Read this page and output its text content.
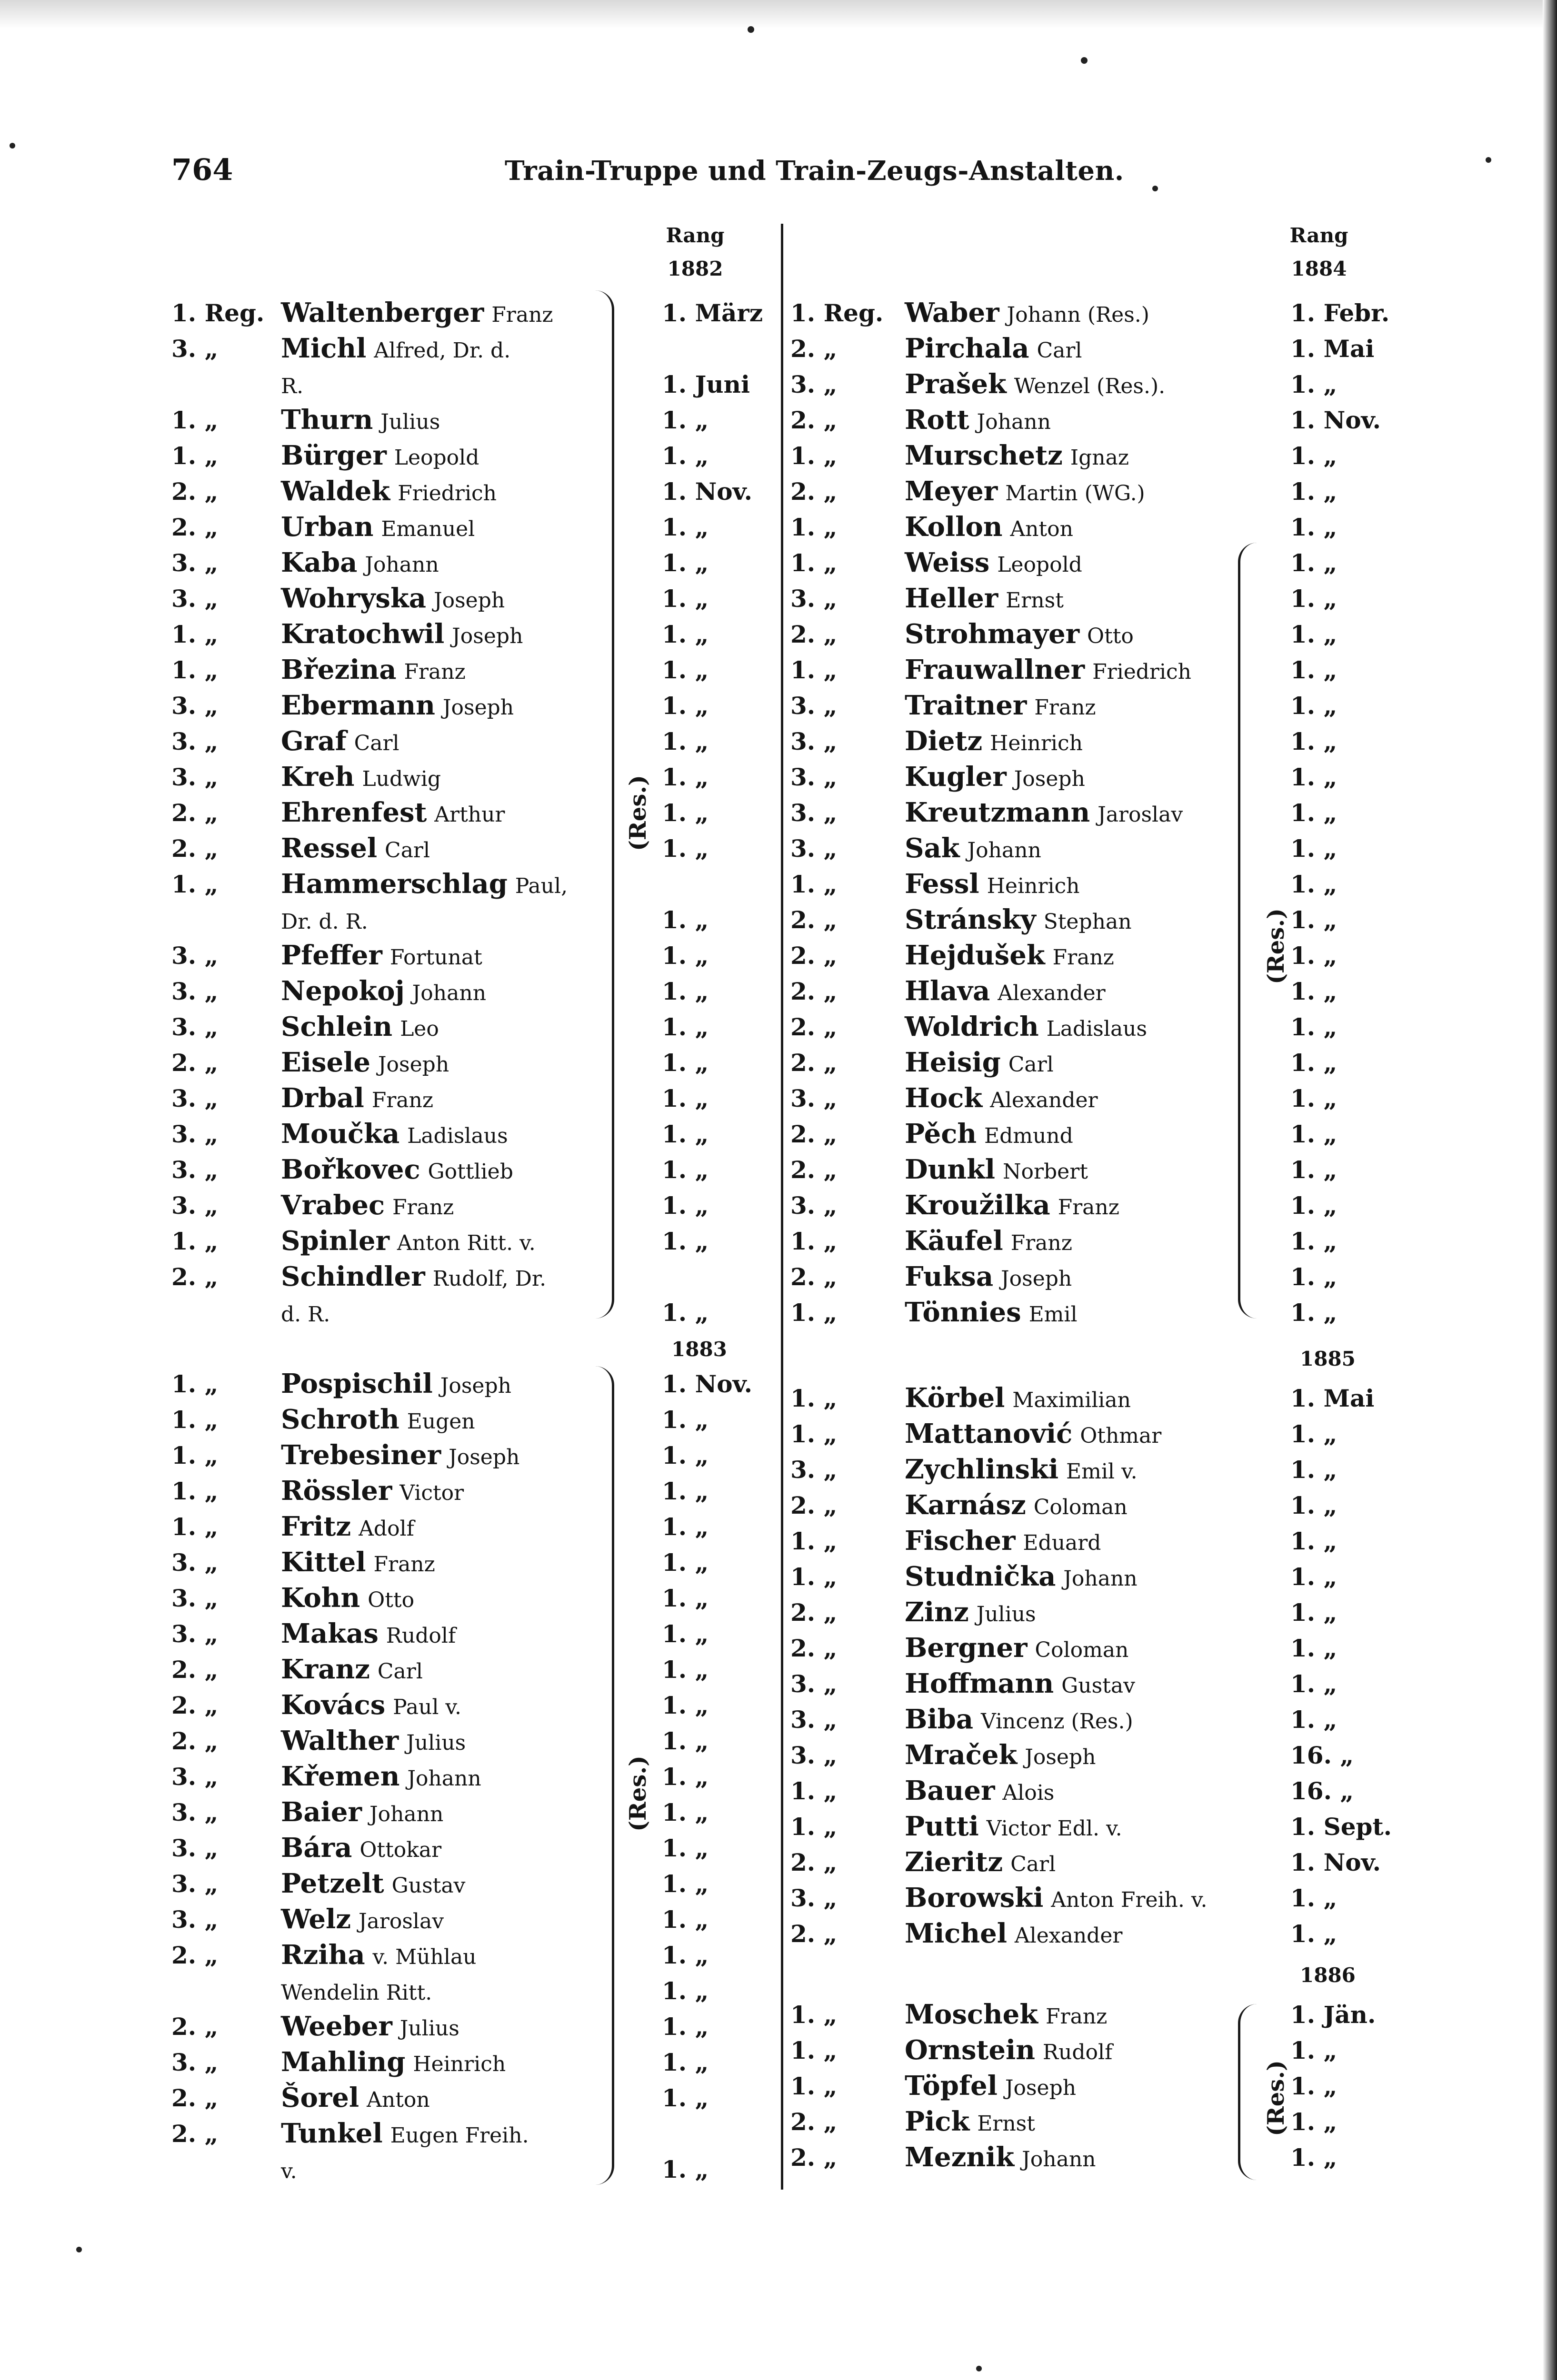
764	Train-Truppe und Train-Zeugs-Anstalten.
Rang
1882
1. Reg. Waltenberger Franz	1. März
3. „ Michl Alfred, Dr. d.
R.	1. Juni
1. „ Thurn Julius	1. „
1. „ Bürger Leopold	1. „
2. „ Waldek Friedrich	1. Nov.
2. „ Urban Emanuel	1. „
3. „ Kaba Johann	1. „
3. „ Wohryska Joseph	1. „
1. „ Kratochwil Joseph	1. „
1. „ Březina Franz	1. „
3. „ Ebermann Joseph	1. „
3. „ Graf Carl	1. „
3. „ Kreh Ludwig	1. „
2. „ Ehrenfest Arthur	1. „
2. „ Ressel Carl	1. „
1. „ Hammerschlag Paul,
Dr. d. R.	1. „
3. „ Pfeffer Fortunat	1. „
3. „ Nepokoj Johann	1. „
3. „ Schlein Leo	1. „
2. „ Eisele Joseph	1. „
3. „ Drbal Franz	1. „
3. „ Moučka Ladislaus	1. „
3. „ Bořkovec Gottlieb	1. „
3. „ Vrabec Franz	1. „
1. „ Spinler Anton Ritt. v.	1. „
2. „ Schindler Rudolf, Dr.
d. R.	1. „
1883
1. „ Pospischil Joseph	1. Nov.
1. „ Schroth Eugen	1. „
1. „ Trebesiner Joseph	1. „
1. „ Rössler Victor	1. „
1. „ Fritz Adolf	1. „
3. „ Kittel Franz	1. „
3. „ Kohn Otto	1. „
3. „ Makas Rudolf	1. „
2. „ Kranz Carl	1. „
2. „ Kovács Paul v.	1. „
2. „ Walther Julius	1. „
3. „ Křemen Johann	1. „
3. „ Baier Johann	1. „
3. „ Bára Ottokar	1. „
3. „ Petzelt Gustav	1. „
3. „ Welz Jaroslav	1. „
2. „ Rziha v. Mühlau	1. „
Wendelin Ritt.	1. „
2. „ Weeber Julius	1. „
3. „ Mahling Heinrich	1. „
2. „ Šorel Anton	1. „
2. „ Tunkel Eugen Freih.
v.	1. „
(Res.)
(Res.)
Rang
1884
1. Reg. Waber Johann (Res.)	1. Febr.
2. „	Pirchala Carl	1. Mai
3. „	Prašek Wenzel (Res.).	1. „
2. „	Rott Johann	1. Nov.
1. „	Murschetz Ignaz	1. „
2. „	Meyer Martin (WG.)	1. „
1. „	Kollon Anton	1. „
1. „	Weiss Leopold	1. „
3. „	Heller Ernst	1. „
2. „	Strohmayer Otto	1. „
1. „	Frauwallner Friedrich	1. „
3. „	Traitner Franz	1. „
3. „	Dietz Heinrich	1. „
3. „	Kugler Joseph	1. „
3. „	Kreutzmann Jaroslav	1. „
3. „	Sak Johann	1. „
1. „	Fessl Heinrich	1. „
2. „	Stránsky Stephan	1. „
2. „	Hejdušek Franz	1. „
2. „	Hlava Alexander	1. „
2. „	Woldrich Ladislaus	1. „
2. „	Heisig Carl	1. „
3. „	Hock Alexander	1. „
2. „	Pěch Edmund	1. „
2. „	Dunkl Norbert	1. „
3. „	Kroužilka Franz	1. „
1. „	Käufel Franz	1. „
2. „	Fuksa Joseph	1. „
1. „	Tönnies Emil	1. „
1885
1. „	Körbel Maximilian	1. Mai
1. „	Mattanović Othmar	1. „
3. „	Zychlinski Emil v.	1. „
2. „	Karnász Coloman	1. „
1. „	Fischer Eduard	1. „
1. „	Studnička Johann	1. „
2. „	Zinz Julius	1. „
2. „	Bergner Coloman	1. „
3. „	Hoffmann Gustav	1. „
3. „	Biba Vincenz (Res.)	1. „
3. „	Mraček Joseph	16. „
1. „	Bauer Alois	16. „
1. „	Putti Victor Edl. v.	1. Sept.
2. „	Zieritz Carl	1. Nov.
3. „	Borowski Anton Freih. v.	1. „
2. „	Michel Alexander	1. „
1886
1. „	Moschek Franz	1. Jän.
1. „	Ornstein Rudolf	1. „
1. „	Töpfel Joseph	1. „
2. „	Pick Ernst	1. „
2. „	Meznik Johann	1. „
(Res.)
(Res.)
